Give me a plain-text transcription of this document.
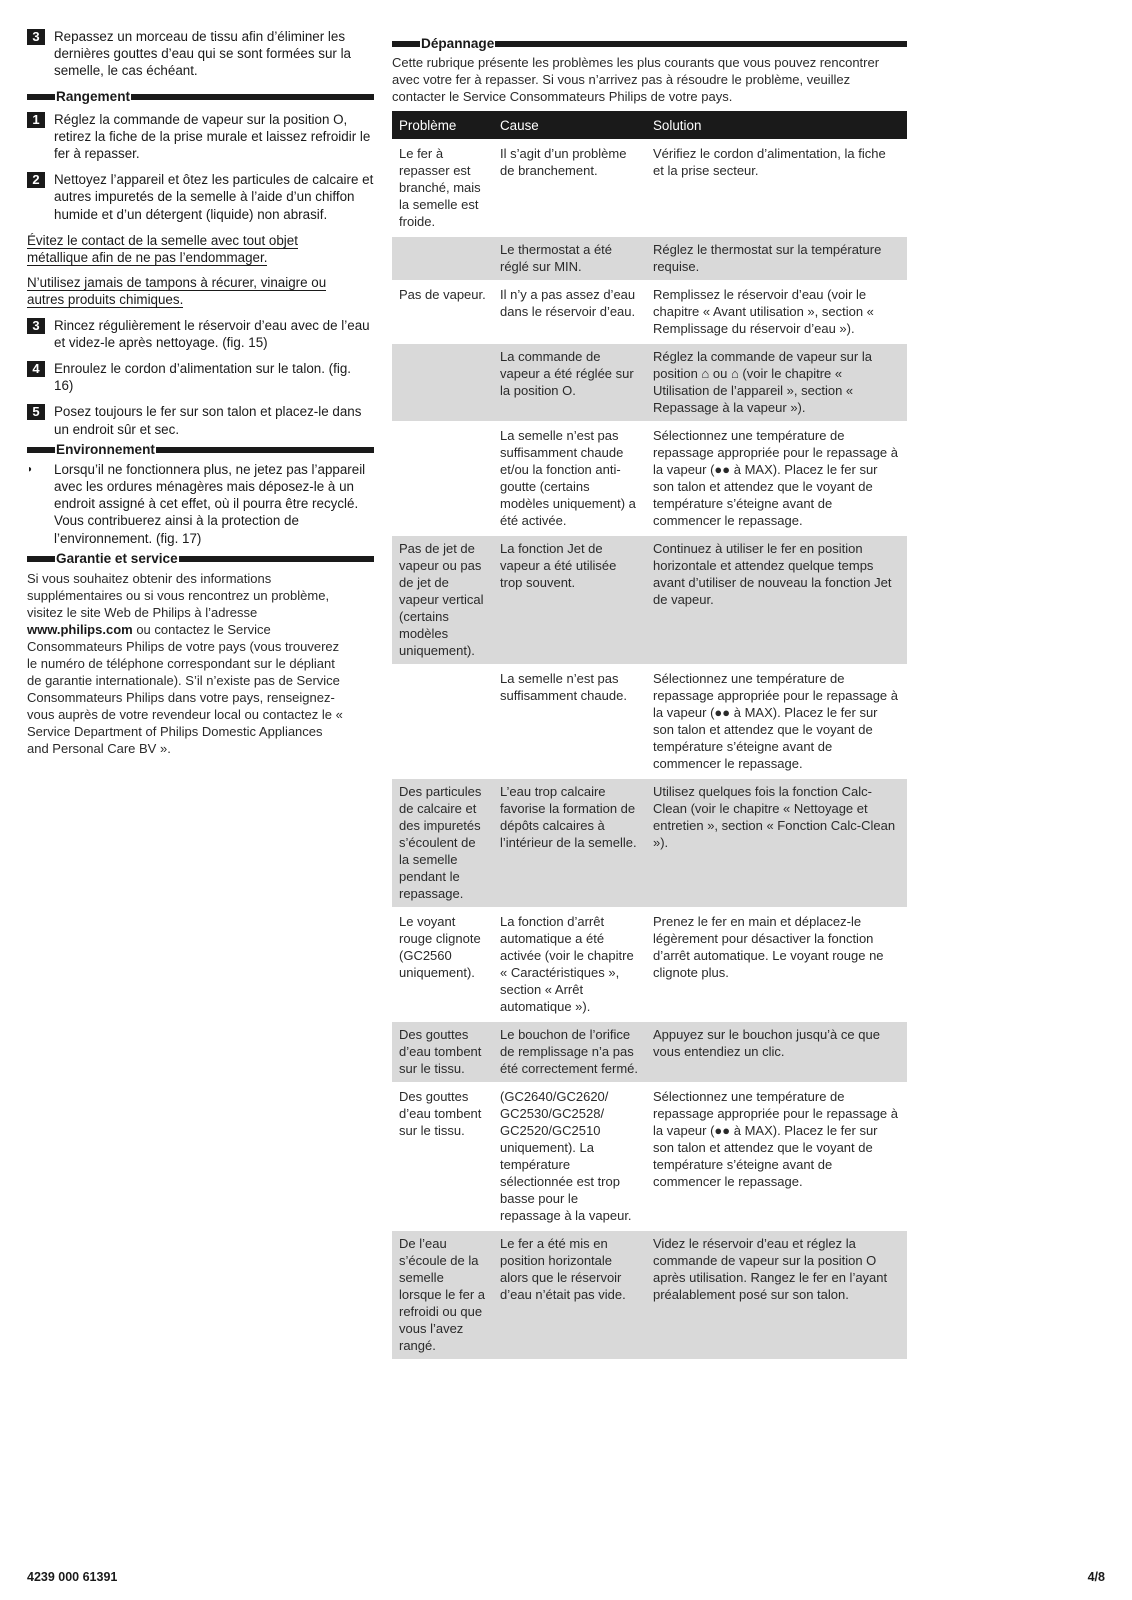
3	Repassez un morceau de tissu afin d’éliminer les dernières gouttes d’eau qui se sont formées sur la semelle, le cas échéant.
Rangement
1	Réglez la commande de vapeur sur la position O, retirez la fiche de la prise murale et laissez refroidir le fer à repasser.
2	Nettoyez l’appareil et ôtez les particules de calcaire et autres impuretés de la semelle à l’aide d’un chiffon humide et d’un détergent (liquide) non abrasif.
Évitez le contact de la semelle avec tout objet métallique afin de ne pas l’endommager.
N’utilisez jamais de tampons à récurer, vinaigre ou autres produits chimiques.
3	Rincez régulièrement le réservoir d’eau avec de l’eau et videz-le après nettoyage. (fig. 15)
4	Enroulez le cordon d’alimentation sur le talon. (fig. 16)
5	Posez toujours le fer sur son talon et placez-le dans un endroit sûr et sec.
Environnement
◗	Lorsqu’il ne fonctionnera plus, ne jetez pas l’appareil avec les ordures ménagères mais déposez-le à un endroit assigné à cet effet, où il pourra être recyclé. Vous contribuerez ainsi à la protection de l’environnement. (fig. 17)
Garantie et service
Si vous souhaitez obtenir des informations supplémentaires ou si vous rencontrez un problème, visitez le site Web de Philips à l’adresse www.philips.com ou contactez le Service Consommateurs Philips de votre pays (vous trouverez le numéro de téléphone correspondant sur le dépliant de garantie internationale). S’il n’existe pas de Service Consommateurs Philips dans votre pays, renseignez-vous auprès de votre revendeur local ou contactez le « Service Department of Philips Domestic Appliances and Personal Care BV ».
Dépannage
Cette rubrique présente les problèmes les plus courants que vous pouvez rencontrer avec votre fer à repasser. Si vous n’arrivez pas à résoudre le problème, veuillez contacter le Service Consommateurs Philips de votre pays.
Problème	Cause	Solution
Le fer à repasser est branché, mais la semelle est froide.	Il s’agit d’un problème de branchement.	Vérifiez le cordon d’alimentation, la fiche et la prise secteur.
	Le thermostat a été réglé sur MIN.	Réglez le thermostat sur la température requise.
Pas de vapeur.	Il n’y a pas assez d’eau dans le réservoir d’eau.	Remplissez le réservoir d’eau (voir le chapitre « Avant utilisation », section « Remplissage du réservoir d’eau »).
	La commande de vapeur a été réglée sur la position O.	Réglez la commande de vapeur sur la position ⌂ ou ⌂ (voir le chapitre « Utilisation de l’appareil », section « Repassage à la vapeur »).
	La semelle n’est pas suffisamment chaude et/ou la fonction anti-goutte (certains modèles uniquement) a été activée.	Sélectionnez une température de repassage appropriée pour le repassage à la vapeur (●● à MAX). Placez le fer sur son talon et attendez que le voyant de température s’éteigne avant de commencer le repassage.
Pas de jet de vapeur ou pas de jet de vapeur vertical (certains modèles uniquement).	La fonction Jet de vapeur a été utilisée trop souvent.	Continuez à utiliser le fer en position horizontale et attendez quelque temps avant d’utiliser de nouveau la fonction Jet de vapeur.
	La semelle n’est pas suffisamment chaude.	Sélectionnez une température de repassage appropriée pour le repassage à la vapeur (●● à MAX). Placez le fer sur son talon et attendez que le voyant de température s’éteigne avant de commencer le repassage.
Des particules de calcaire et des impuretés s’écoulent de la semelle pendant le repassage.	L’eau trop calcaire favorise la formation de dépôts calcaires à l’intérieur de la semelle.	Utilisez quelques fois la fonction Calc-Clean (voir le chapitre « Nettoyage et entretien », section « Fonction Calc-Clean »).
Le voyant rouge clignote (GC2560 uniquement).	La fonction d’arrêt automatique a été activée (voir le chapitre « Caractéristiques », section « Arrêt automatique »).	Prenez le fer en main et déplacez-le légèrement pour désactiver la fonction d’arrêt automatique. Le voyant rouge ne clignote plus.
Des gouttes d’eau tombent sur le tissu.	Le bouchon de l’orifice de remplissage n’a pas été correctement fermé.	Appuyez sur le bouchon jusqu’à ce que vous entendiez un clic.
Des gouttes d’eau tombent sur le tissu.	(GC2640/GC2620/ GC2530/GC2528/ GC2520/GC2510 uniquement). La température sélectionnée est trop basse pour le repassage à la vapeur.	Sélectionnez une température de repassage appropriée pour le repassage à la vapeur (●● à MAX). Placez le fer sur son talon et attendez que le voyant de température s’éteigne avant de commencer le repassage.
De l’eau s’écoule de la semelle lorsque le fer a refroidi ou que vous l’avez rangé.	Le fer a été mis en position horizontale alors que le réservoir d’eau n’était pas vide.	Videz le réservoir d’eau et réglez la commande de vapeur sur la position O après utilisation. Rangez le fer en l’ayant préalablement posé sur son talon.
4239 000 61391	4/8
